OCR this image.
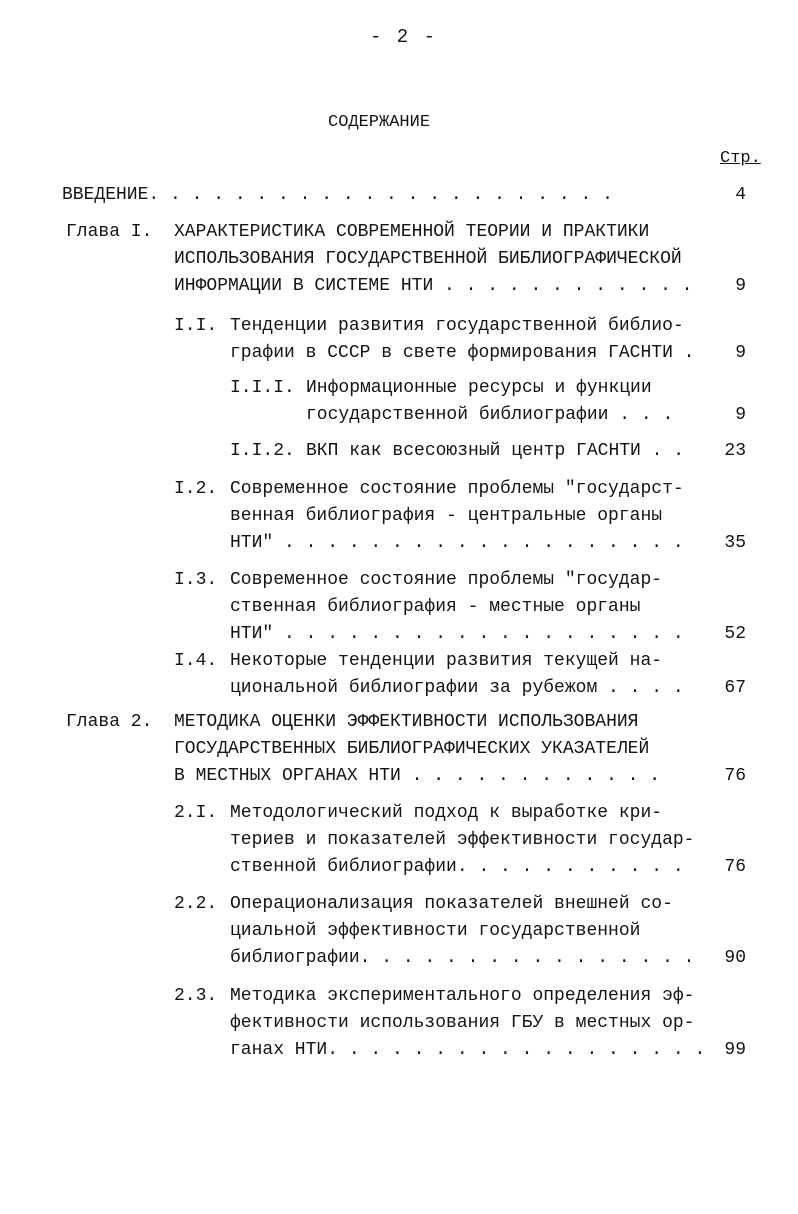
- 2 -
СОДЕРЖАНИЕ
Стр.
ВВЕДЕНИЕ. . . . . . . . . . . . . . . . . . . . . .	4
Глава I. ХАРАКТЕРИСТИКА СОВРЕМЕННОЙ ТЕОРИИ И ПРАКТИКИ
ИСПОЛЬЗОВАНИЯ ГОСУДАРСТВЕННОЙ БИБЛИОГРАФИЧЕСКОЙ
ИНФОРМАЦИИ В СИСТЕМЕ НТИ . . . . . . . . . . . .	9
I.I. Тенденции развития государственной библио-
графии в СССР в свете формирования ГАСНТИ .	9
I.I.I. Информационные ресурсы и функции
государственной библиографии . . .	9
I.I.2. ВКП как всесоюзный центр ГАСНТИ . .	23
I.2. Современное состояние проблемы "государст-
венная библиография - центральные органы
НТИ" . . . . . . . . . . . . . . . . . . .	35
I.3. Современное состояние проблемы "государ-
ственная библиография - местные органы
НТИ" . . . . . . . . . . . . . . . . . . .	52
I.4. Некоторые тенденции развития текущей на-
циональной библиографии за рубежом . . . .	67
Глава 2. МЕТОДИКА ОЦЕНКИ ЭФФЕКТИВНОСТИ ИСПОЛЬЗОВАНИЯ
ГОСУДАРСТВЕННЫХ БИБЛИОГРАФИЧЕСКИХ УКАЗАТЕЛЕЙ
В МЕСТНЫХ ОРГАНАХ НТИ . . . . . . . . . . . .	76
2.I. Методологический подход к выработке кри-
териев и показателей эффективности государ-
ственной библиографии. . . . . . . . . . .	76
2.2. Операционализация показателей внешней со-
циальной эффективности государственной
библиографии. . . . . . . . . . . . . . . .	90
2.3. Методика экспериментального определения эф-
фективности использования ГБУ в местных ор-
ганах НТИ. . . . . . . . . . . . . . . . . .	99
